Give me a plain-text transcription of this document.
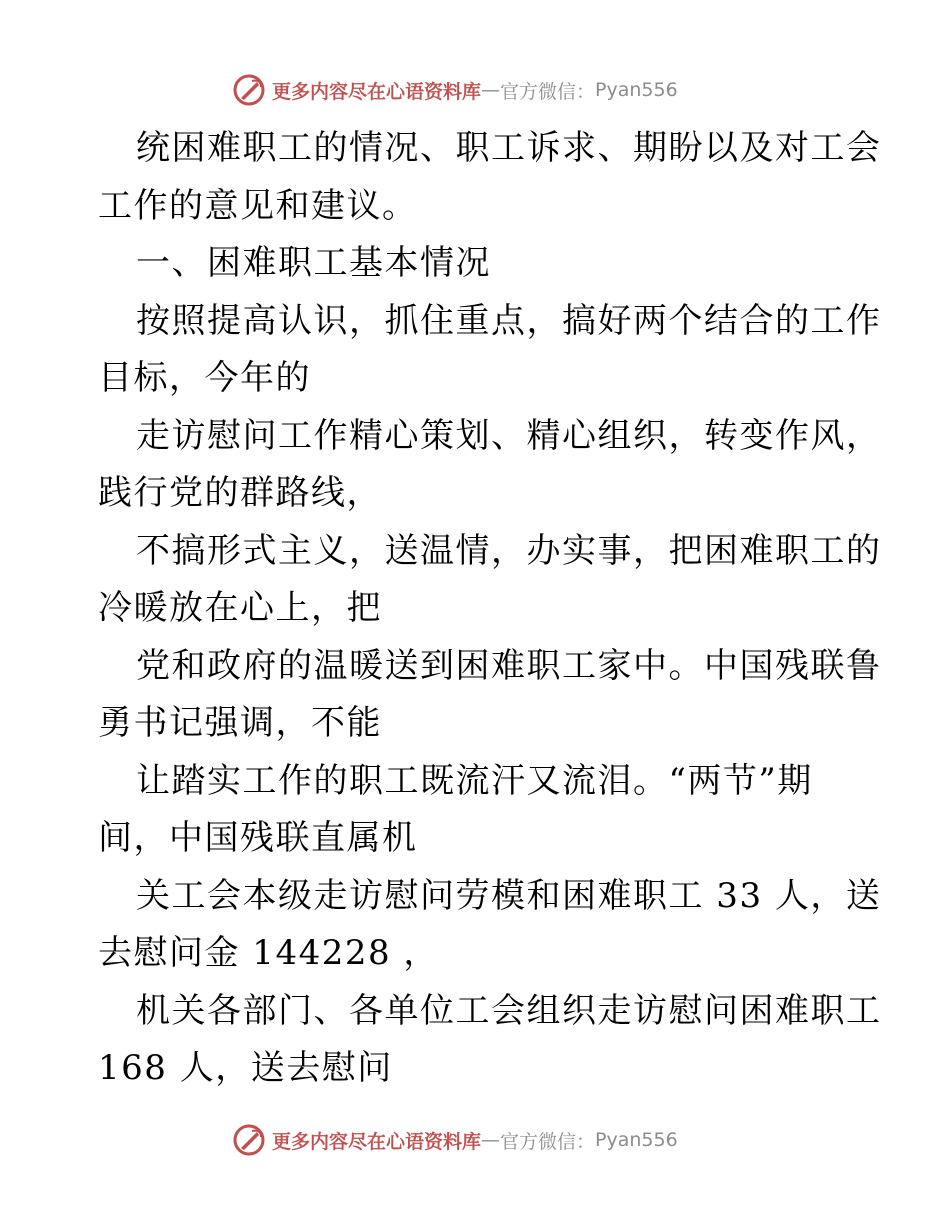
更多内容尽在心语资料库 — 官方微信： Pyan556

统困难职工的情况、职工诉求、期盼以及对工会

工作的意见和建议。

一、困难职工基本情况

按照提高认识，抓住重点，搞好两个结合的工作

目标，今年的

走访慰问工作精心策划、精心组织，转变作风，

践行党的群路线，

不搞形式主义，送温情，办实事，把困难职工的

冷暖放在心上，把

党和政府的温暖送到困难职工家中。中国残联鲁

勇书记强调，不能

让踏实工作的职工既流汗又流泪。“两节”期

间，中国残联直属机

关工会本级走访慰问劳模和困难职工 33 人，送

去慰问金 144228 ，

机关各部门、各单位工会组织走访慰问困难职工

168 人，送去慰问

更多内容尽在心语资料库 — 官方微信： Pyan556
